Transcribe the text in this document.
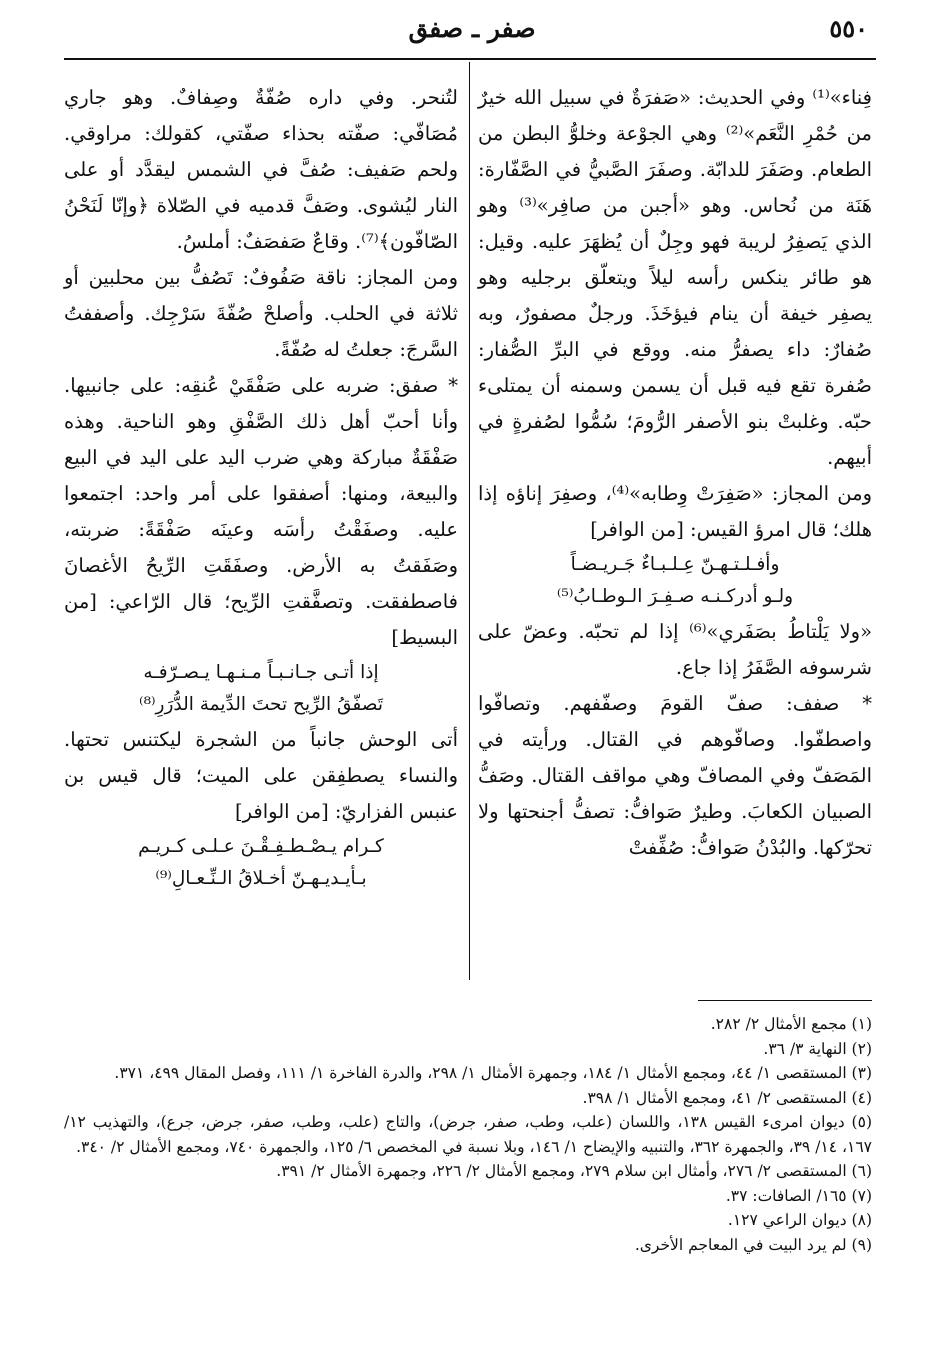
٥٥٠
صفر ـ صفق

فِناء»⁽¹⁾ وفي الحديث: «صَفرَةٌ في سبيل الله خيرٌ من حُمْرِ النَّعَم»⁽²⁾ وهي الجوْعة وخلوُّ البطن من الطعام. وصَفَرَ للدابّة. وصفَرَ الصَّبيُّ في الصَّفّارة: هَنَة من نُحاس. وهو «أجبن من صافِر»⁽³⁾ وهو الذي يَصفِرُ لريبة فهو وجِلٌ أن يُظهَرَ عليه. وقيل: هو طائر ينكس رأسه ليلاً ويتعلّق برجليه وهو يصفِر خيفة أن ينام فيؤخَذَ. ورجلٌ مصفورٌ، وبه صُفارٌ: داء يصفرُّ منه. ووقع في البرِّ الصُّفار: صُفرة تقع فيه قبل أن يسمن وسمنه أن يمتلىء حبّه. وغلبتْ بنو الأصفر الرُّومَ؛ سُمُّوا لصُفرةٍ في أبيهم.

ومن المجاز: «صَفِرَتْ وِطابه»⁽⁴⁾، وصفِرَ إناؤه إذا هلك؛ قال امرؤ القيس: [من الوافر]

وأفـلـتـهـنّ عِـلـبـاءٌ جَـريـضـاً
ولـو أدركـنـه صـفِـرَ الـوطـابُ⁽⁵⁾

«ولا يَلْتاطُ بصَفَري»⁽⁶⁾ إذا لم تحبّه. وعضّ على شرسوفه الصَّفَرُ إذا جاع.

* صفف: صفّ القومَ وصفّفهم. وتصافّوا واصطفّوا. وصافّوهم في القتال. ورأيته في المَصَفّ وفي المصافّ وهي مواقف القتال. وصَفُّ الصبيان الكعابَ. وطيرٌ صَوافُّ: تصفُّ أجنحتها ولا تحرّكها. والبُدْنُ صَوافُّ: صُفِّفتْ

لتُنحر. وفي داره صُفّةٌ وصِفافٌ. وهو جاري مُصَافّي: صفّته بحذاء صفّتي، كقولك: مراوقي. ولحم صَفيف: صُفَّ في الشمس ليقدَّد أو على النار ليُشوى. وصَفَّ قدميه في الصّلاة ﴿وإنّا لَنَحْنُ الصّافّون﴾⁽⁷⁾. وقاعٌ صَفصَفٌ: أملسُ.

ومن المجاز: ناقة صَفُوفٌ: تَصُفُّ بين محلبين أو ثلاثة في الحلب. وأصلحْ صُفّةَ سَرْجِك. وأصففتُ السَّرجَ: جعلتُ له صُفّةً.

* صفق: ضربه على صَفْقَيْ عُنقِه: على جانبيها. وأنا أحبّ أهل ذلك الصَّفْقِ وهو الناحية. وهذه صَفْقَةٌ مباركة وهي ضرب اليد على اليد في البيع والبيعة، ومنها: أصفقوا على أمر واحد: اجتمعوا عليه. وصفَقْتُ رأسَه وعينَه صَفْقَةً: ضربته، وصَفَقتُ به الأرض. وصفَقَتِ الرِّيحُ الأغصانَ فاصطفقت. وتصفَّقتِ الرِّيح؛ قال الرّاعي: [من البسيط]

إذا أتـى جـانـبـاً مـنـهـا يـصـرّفـه
تَصفّقُ الرِّيح تحتَ الدِّيمة الدُّرَرِ⁽⁸⁾

أتى الوحش جانباً من الشجرة ليكتنس تحتها. والنساء يصطفِقن على الميت؛ قال قيس بن عنبس الفزاريّ: [من الوافر]

كـرام يـصْـطـفِـقْـنَ عـلـى كـريـم
بـأيـديـهـنّ أخـلاقُ الـنِّـعـالِ⁽⁹⁾

(١) مجمع الأمثال ٢/ ٢٨٢.

(٢) النهاية ٣/ ٣٦.

(٣) المستقصى ١/ ٤٤، ومجمع الأمثال ١/ ١٨٤، وجمهرة الأمثال ١/ ٢٩٨، والدرة الفاخرة ١/ ١١١، وفصل المقال ٤٩٩، ٣٧١.

(٤) المستقصى ٢/ ٤١، ومجمع الأمثال ١/ ٣٩٨.

(٥) ديوان امرىء القيس ١٣٨، واللسان (علب، وطب، صفر، جرض)، والتاج (علب، وطب، صفر، جرض، جرع)، والتهذيب ١٢/ ١٦٧، ١٤/ ٣٩، والجمهرة ٣٦٢، والتنبيه والإيضاح ١/ ١٤٦، وبلا نسبة في المخصص ٦/ ١٢٥، والجمهرة ٧٤٠، ومجمع الأمثال ٢/ ٣٤٠.

(٦) المستقصى ٢/ ٢٧٦، وأمثال ابن سلام ٢٧٩، ومجمع الأمثال ٢/ ٢٢٦، وجمهرة الأمثال ٢/ ٣٩١.

(٧) ١٦٥/ الصافات: ٣٧.

(٨) ديوان الراعي ١٢٧.

(٩) لم يرد البيت في المعاجم الأخرى.
